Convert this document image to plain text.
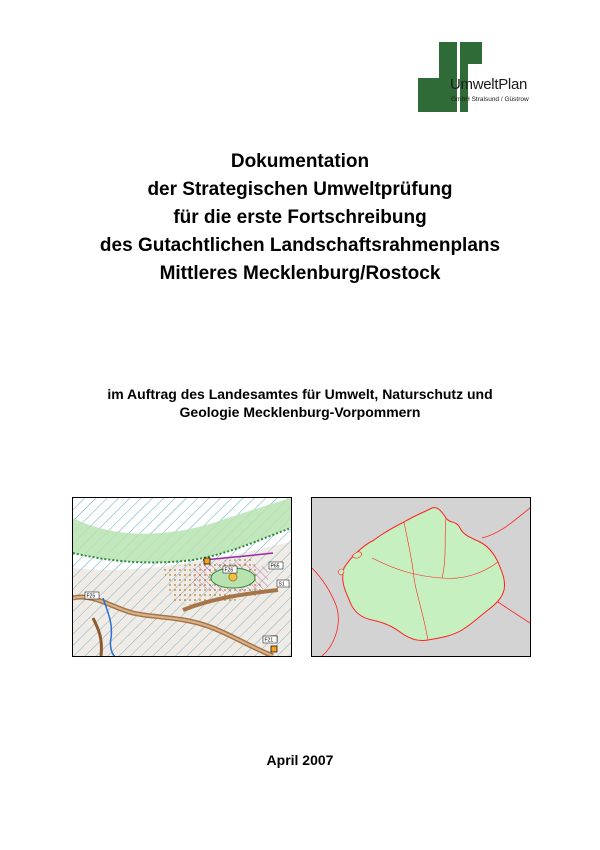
UmweltPlan
GmbH Stralsund / Güstrow
Dokumentation
der Strategischen Umweltprüfung
für die erste Fortschreibung
des Gutachtlichen Landschaftsrahmenplans
Mittleres Mecklenburg/Rostock
im Auftrag des Landesamtes für Umwelt, Naturschutz und
Geologie Mecklenburg-Vorpommern
F25
F26
P65
S1
F21
April 2007
